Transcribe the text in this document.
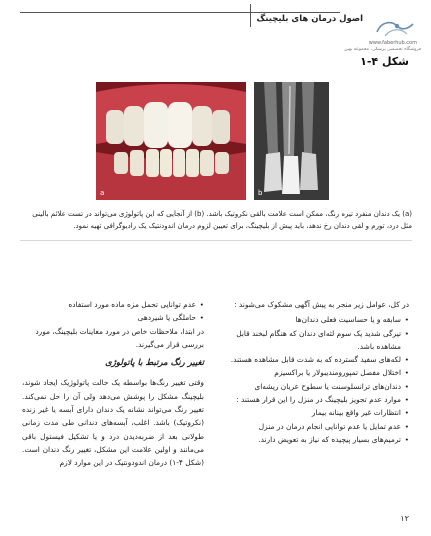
اصول درمان های بلیچینگ
www.faberhub.com
فروشگاه تخصصی پزشکی، مجموعه بهین
شکل ۴-۱
a	b
(a) یک دندان منفرد تیره رنگ، ممکن است علامت بالقی نکروتیک باشد. (b) از آنجایی که این پاتولوژی می‌تواند در تست علائم بالینی مثل درد، تورم و لقی دندان رخ ندهد، باید پیش از بلیچینگ، برای تعیین لزوم درمان اندودنتیک یک رادیوگرافی تهیه نمود.

در کل، عوامل زیر منجر به پیش آگهی مشکوک می‌شوند :

• سابقه و یا حساسیت فعلی دندان‌ها
• تیرگی شدید یک سوم لثه‌ای دندان که هنگام لبخند قابل مشاهده باشد.
• لکه‌های سفید گسترده که به شدت قابل مشاهده هستند.
• اختلال مفصل تمپورومندیبولار یا براکسیزم
• دندان‌های ترانسلوسنت یا سطوح عریان ریشه‌ای
• موارد عدم تجویز بلیچینگ در منزل را این قرار هستند :
• انتظارات غیر واقع بینانه بیمار
• عدم تمایل یا عدم توانایی انجام درمان در منزل
• ترمیم‌های بسیار پیچیده که نیاز به تعویض دارند.
• عدم توانایی تحمل مزه ماده مورد استفاده
• حاملگی یا شیردهی

در ابتدا، ملاحظات خاص در مورد معاینات بلیچینگ، مورد بررسی قرار می‌گیرند.

تغییر رنگ مرتبط با پاتولوژی

وقتی تغییر رنگ‌ها بواسطه یک حالت پاتولوژیک ایجاد شوند، بلیچینگ مشکل را پوشش می‌دهد ولی آن را حل نمی‌کند. تغییر رنگ می‌تواند نشانه یک دندان دارای آبسه یا غیر زنده (نکروتیک) باشد. اغلب، آبسه‌های دندانی طی مدت زمانی طولانی بعد از ضربه‌دیدن درد و یا تشکیل فیستول باقی می‌مانند و اولین علامت این مشکل، تغییر رنگ دندان است.(شکل ۴-۱) درمان اندودونتیک در این موارد لازم

۱۲
